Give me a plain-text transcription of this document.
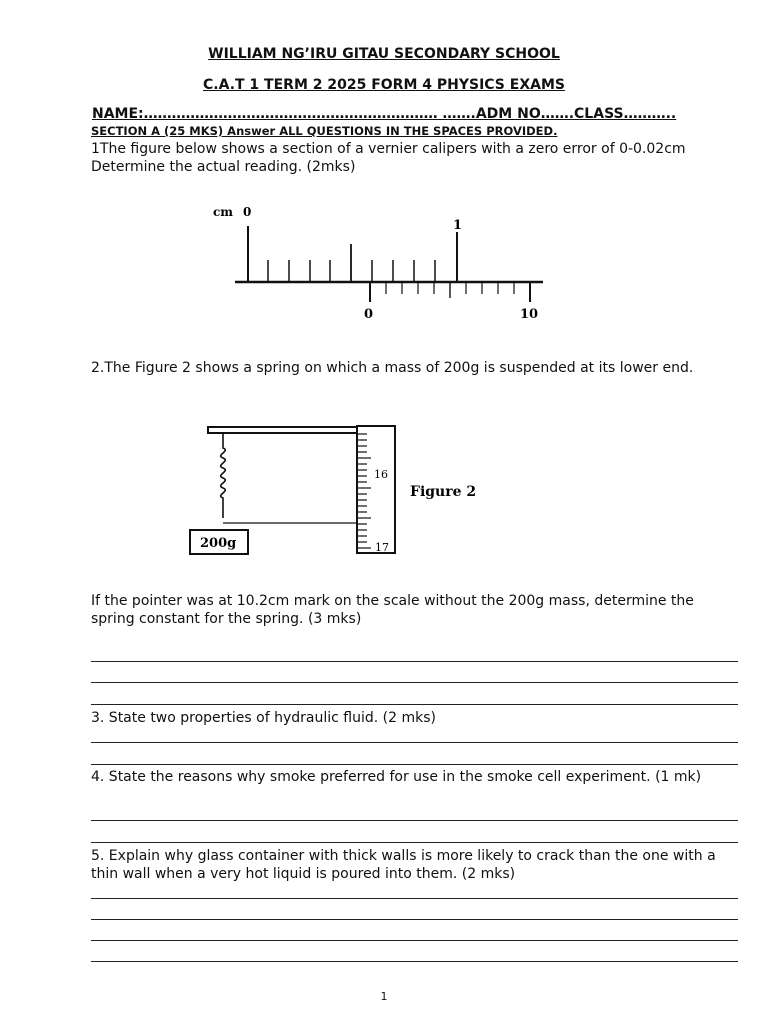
WILLIAM NG’IRU GITAU SECONDARY SCHOOL
C.A.T 1 TERM 2 2025 FORM 4 PHYSICS EXAMS
NAME:……………………………………………………… …….ADM NO…….CLASS………..
SECTION A (25 MKS) Answer ALL QUESTIONS IN THE SPACES PROVIDED.
1The figure below shows a section of a vernier calipers with a zero error of 0-0.02cm Determine the actual reading. (2mks)
cm 0
1
0	10
2.The Figure 2 shows a spring on which a mass of 200g is suspended at its lower end.
200g
16
17
Figure 2
If the pointer was at 10.2cm mark on the scale without the 200g mass, determine the spring constant for the spring. (3 mks)
3. State two properties of hydraulic fluid. (2 mks)
4. State the reasons why smoke preferred for use in the smoke cell experiment. (1 mk)
5. Explain why glass container with thick walls is more likely to crack than the one with a thin wall when a very hot liquid is poured into them. (2 mks)
1
